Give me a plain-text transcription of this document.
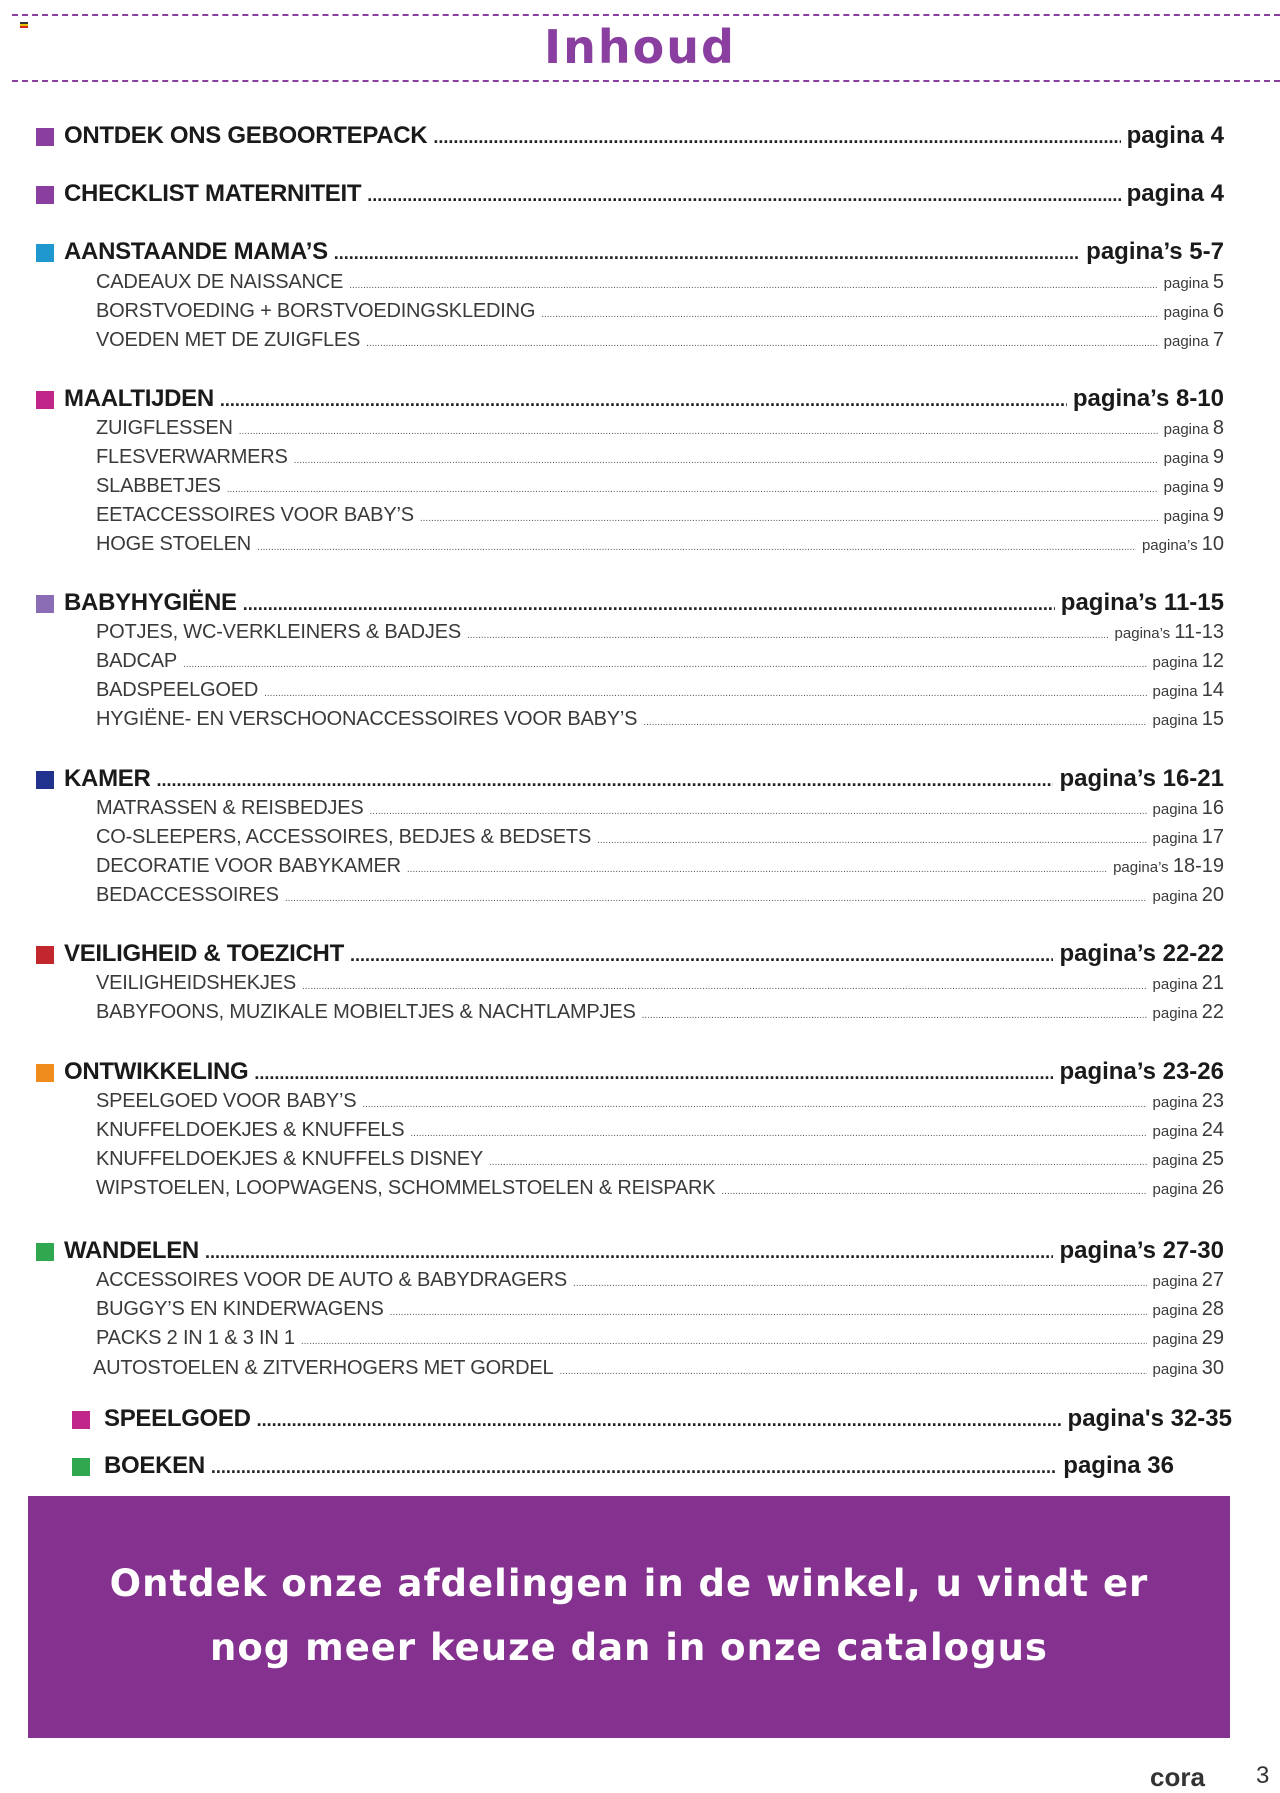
Inhoud
ONTDEK ONS GEBOORTEPACK .....	pagina 4
CHECKLIST MATERNITEIT .....	pagina 4
AANSTAANDE MAMA’S .....	pagina’s 5-7
CADEAUX DE NAISSANCE .....	pagina 5
BORSTVOEDING + BORSTVOEDINGSKLEDING .....	pagina 6
VOEDEN MET DE ZUIGFLES .....	pagina 7
MAALTIJDEN .....	pagina’s 8-10
ZUIGFLESSEN .....	pagina 8
FLESVERWARMERS .....	pagina 9
SLABBETJES .....	pagina 9
EETACCESSOIRES VOOR BABY’S .....	pagina 9
HOGE STOELEN .....	pagina’s 10
BABYHYGIËNE .....	pagina’s 11-15
POTJES, WC-VERKLEINERS & BADJES .....	pagina’s 11-13
BADCAP .....	pagina 12
BADSPEELGOED .....	pagina 14
HYGIËNE- EN VERSCHOONACCESSOIRES VOOR BABY’S .....	pagina 15
KAMER .....	pagina’s 16-21
MATRASSEN & REISBEDJES .....	pagina 16
CO-SLEEPERS, ACCESSOIRES, BEDJES & BEDSETS .....	pagina 17
DECORATIE VOOR BABYKAMER .....	pagina’s 18-19
BEDACCESSOIRES .....	pagina 20
VEILIGHEID & TOEZICHT .....	pagina’s 22-22
VEILIGHEIDSHEKJES .....	pagina 21
BABYFOONS, MUZIKALE MOBIELTJES & NACHTLAMPJES .....	pagina 22
ONTWIKKELING .....	pagina’s 23-26
SPEELGOED VOOR BABY’S .....	pagina 23
KNUFFELDOEKJES & KNUFFELS .....	pagina 24
KNUFFELDOEKJES & KNUFFELS DISNEY .....	pagina 25
WIPSTOELEN, LOOPWAGENS, SCHOMMELSTOELEN & REISPARK .....	pagina 26
WANDELEN .....	pagina’s 27-30
ACCESSOIRES VOOR DE AUTO & BABYDRAGERS .....	pagina 27
BUGGY’S EN KINDERWAGENS .....	pagina 28
PACKS 2 IN 1 & 3 IN 1 .....	pagina 29
AUTOSTOELEN & ZITVERHOGERS MET GORDEL .....	pagina 30
SPEELGOED .....	pagina's 32-35
BOEKEN .....	pagina 36
Ontdek onze afdelingen in de winkel, u vindt er
nog meer keuze dan in onze catalogus
cora 3
